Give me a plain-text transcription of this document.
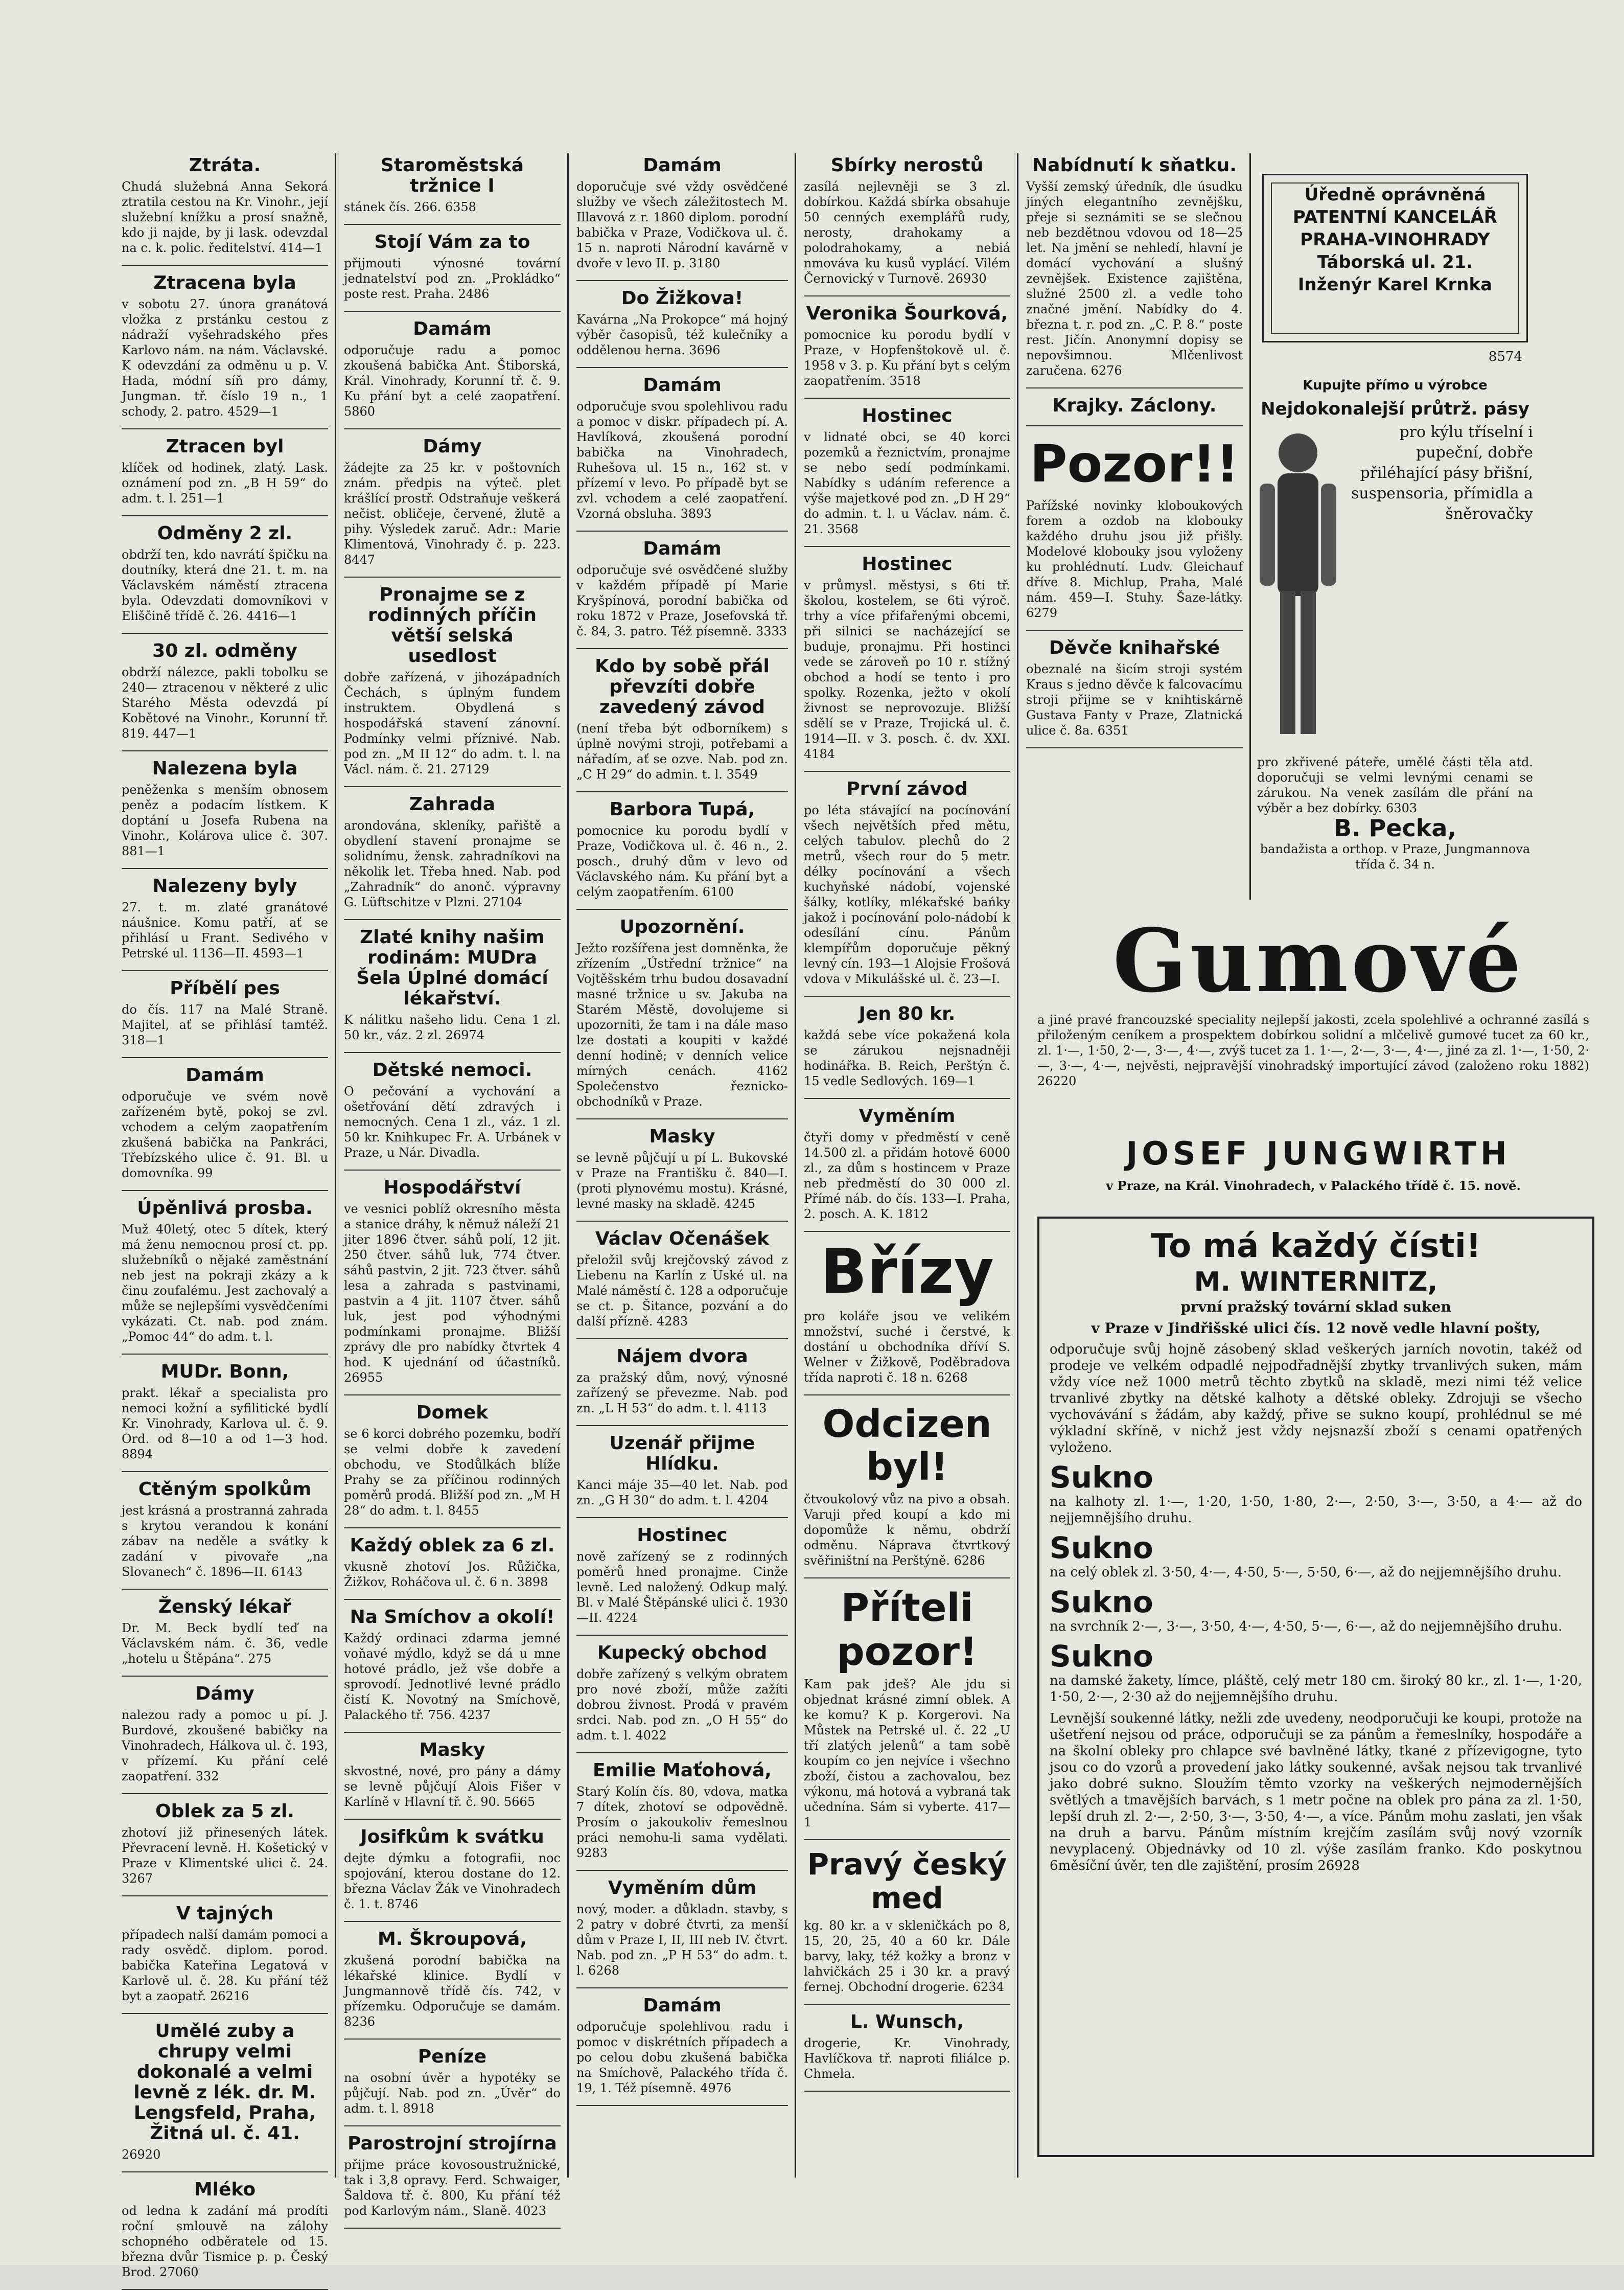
Ztráta.
Chudá služebná Anna Sekorá ztratila cestou na Kr. Vinohr., její služební knížku a prosí snažně, kdo ji najde, by ji lask. odevzdal na c. k. polic. ředitelství. 414—1
Ztracena byla
v sobotu 27. února granátová vložka z prstánku cestou z nádraží vyšehradského přes Karlovo nám. na nám. Václavské. K odevzdání za odměnu u p. V. Hada, módní síň pro dámy, Jungman. tř. číslo 19 n., 1 schody, 2. patro. 4529—1
Ztracen byl
klíček od hodinek, zlatý. Lask. oznámení pod zn. „B H 59“ do adm. t. l. 251—1
Odměny 2 zl.
obdrží ten, kdo navrátí špičku na doutníky, která dne 21. t. m. na Václavském náměstí ztracena byla. Odevzdati domovníkovi v Eliščině třídě č. 26. 4416—1
30 zl. odměny
obdrží nálezce, pakli tobolku se 240— ztracenou v některé z ulic Starého Města odevzdá pí Kobětové na Vinohr., Korunní tř. 819. 447—1
Nalezena byla
peněženka s menším obnosem peněz a podacím lístkem. K doptání u Josefa Rubena na Vinohr., Kolárova ulice č. 307. 881—1
Nalezeny byly
27. t. m. zlaté granátové náušnice. Komu patří, ať se přihlásí u Frant. Sedivého v Petrské ul. 1136—II. 4593—1
Příbělí pes
do čís. 117 na Malé Straně. Majitel, ať se přihlásí tamtéž. 318—1
Damám
odporučuje ve svém nově zařízeném bytě, pokoj se zvl. vchodem a celým zaopatřením zkušená babička na Pankráci, Třebízského ulice č. 91. Bl. u domovníka. 99
Úpěnlivá prosba.
Muž 40letý, otec 5 dítek, který má ženu nemocnou prosí ct. pp. služebníků o nějaké zaměstnání neb jest na pokraji zkázy a k činu zoufalému. Jest zachovalý a může se nejlepšími vysvědčeními vykázati. Ct. nab. pod znám. „Pomoc 44“ do adm. t. l.
MUDr. Bonn,
prakt. lékař a specialista pro nemoci kožní a syfilitické bydlí Kr. Vinohrady, Karlova ul. č. 9. Ord. od 8—10 a od 1—3 hod. 8894
Ctěným spolkům
jest krásná a prostranná zahrada s krytou verandou k konání zábav na neděle a svátky k zadání v pivovaře „na Slovanech“ č. 1896—II. 6143
Ženský lékař
Dr. M. Beck bydlí teď na Václavském nám. č. 36, vedle „hotelu u Štěpána“. 275
Dámy
nalezou rady a pomoc u pí. J. Burdové, zkoušené babičky na Vinohradech, Hálkova ul. č. 193, v přízemí. Ku přání celé zaopatření. 332
Oblek za 5 zl.
zhotoví již přinesených látek. Převracení levně. H. Košetický v Praze v Klimentské ulici č. 24. 3267
V tajných
případech nalší damám pomoci a rady osvědč. diplom. porod. babička Kateřina Legatová v Karlově ul. č. 28. Ku přání též byt a zaopatř. 26216
Umělé zuby a chrupy velmi dokonalé a velmi levně z lék. dr. M. Lengsfeld, Praha, Žitná ul. č. 41.
26920
Mléko
od ledna k zadání má prodíti roční smlouvě na zálohy schopného odběratele od 15. března dvůr Tismice p. p. Český Brod. 27060
Staroměstská tržnice I
stánek čís. 266. 6358
Stojí Vám za to
přijmouti výnosné tovární jednatelství pod zn. „Prokládko“ poste rest. Praha. 2486
Damám
odporučuje radu a pomoc zkoušená babička Ant. Štiborská, Král. Vinohrady, Korunní tř. č. 9. Ku přání byt a celé zaopatření. 5860
Dámy
žádejte za 25 kr. v poštovních znám. předpis na výteč. plet krášlící prostř. Odstraňuje veškerá nečist. obličeje, červené, žlutě a pihy. Výsledek zaruč. Adr.: Marie Klimentová, Vinohrady č. p. 223. 8447
Pronajme se z rodinných příčin větší selská usedlost
dobře zařízená, v jihozápadních Čechách, s úplným fundem instruktem. Obydlená s hospodářská stavení zánovní. Podmínky velmi příznivé. Nab. pod zn. „M II 12“ do adm. t. l. na Václ. nám. č. 21. 27129
Zahrada
arondována, skleníky, pařiště a obydlení stavení pronajme se solidnímu, žensk. zahradníkovi na několik let. Třeba hned. Nab. pod „Zahradník“ do anonč. výpravny G. Lüftschitze v Plzni. 27104
Zlaté knihy našim rodinám: MUDra Šela Úplné domácí lékařství.
K nálitku našeho lidu. Cena 1 zl. 50 kr., váz. 2 zl. 26974
Dětské nemoci.
O pečování a vychování a ošetřování dětí zdravých i nemocných. Cena 1 zl., váz. 1 zl. 50 kr. Knihkupec Fr. A. Urbánek v Praze, u Nár. Divadla.
Hospodářství
ve vesnici poblíž okresního města a stanice dráhy, k němuž náleží 21 jiter 1896 čtver. sáhů polí, 12 jit. 250 čtver. sáhů luk, 774 čtver. sáhů pastvin, 2 jit. 723 čtver. sáhů lesa a zahrada s pastvinami, pastvin a 4 jit. 1107 čtver. sáhů luk, jest pod výhodnými podmínkami pronajme. Bližší zprávy dle pro nabídky čtvrtek 4 hod. K ujednání od účastníků. 26955
Domek
se 6 korci dobrého pozemku, bodří se velmi dobře k zavedení obchodu, ve Stodůlkách blíže Prahy se za příčinou rodinných poměrů prodá. Bližší pod zn. „M H 28“ do adm. t. l. 8455
Každý oblek za 6 zl.
vkusně zhotoví Jos. Růžička, Žižkov, Roháčova ul. č. 6 n. 3898
Na Smíchov a okolí!
Každý ordinaci zdarma jemné voňavé mýdlo, když se dá u mne hotové prádlo, jež vše dobře a sprovodí. Jednotlivé levné prádlo čistí K. Novotný na Smíchově, Palackého tř. 756. 4237
Masky
skvostné, nové, pro pány a dámy se levně půjčují Alois Fišer v Karlíně v Hlavní tř. č. 90. 5665
Josifkům k svátku
dejte dýmku a fotografii, noc spojování, kterou dostane do 12. března Václav Žák ve Vinohradech č. 1. t. 8746
M. Škroupová,
zkušená porodní babička na lékařské klinice. Bydlí v Jungmannově třídě čís. 742, v přízemku. Odporučuje se damám. 8236
Peníze
na osobní úvěr a hypotéky se půjčují. Nab. pod zn. „Úvěr“ do adm. t. l. 8918
Parostrojní strojírna
přijme práce kovosoustružnické, tak i 3,8 opravy. Ferd. Schwaiger, Šaldova tř. č. 800, Ku přání též pod Karlovým nám., Slaně. 4023
Damám
doporučuje své vždy osvědčené služby ve všech záležitostech M. Illavová z r. 1860 diplom. porodní babička v Praze, Vodičkova ul. č. 15 n. naproti Národní kavárně v dvoře v levo II. p. 3180
Do Žižkova!
Kavárna „Na Prokopce“ má hojný výběr časopisů, též kulečníky a oddělenou herna. 3696
Damám
odporučuje svou spolehlivou radu a pomoc v diskr. případech pí. A. Havlíková, zkoušená porodní babička na Vinohradech, Ruhešova ul. 15 n., 162 st. v přízemí v levo. Po případě byt se zvl. vchodem a celé zaopatření. Vzorná obsluha. 3893
Damám
odporučuje své osvědčené služby v každém případě pí Marie Kryšpínová, porodní babička od roku 1872 v Praze, Josefovská tř. č. 84, 3. patro. Též písemně. 3333
Kdo by sobě přál převzíti dobře zavedený závod
(není třeba být odborníkem) s úplně novými stroji, potřebami a nářadím, ať se ozve. Nab. pod zn. „C H 29“ do admin. t. l. 3549
Barbora Tupá,
pomocnice ku porodu bydlí v Praze, Vodičkova ul. č. 46 n., 2. posch., druhý dům v levo od Václavského nám. Ku přání byt a celým zaopatřením. 6100
Upozornění.
Ježto rozšířena jest domněnka, že zřízením „Ústřední tržnice“ na Vojtěšském trhu budou dosavadní masné tržnice u sv. Jakuba na Starém Městě, dovolujeme si upozorniti, že tam i na dále maso lze dostati a koupiti v každé denní hodině; v denních velice mírných cenách. 4162 Společenstvo řeznicko-obchodníků v Praze.
Masky
se levně půjčují u pí L. Bukovské v Praze na Františku č. 840—I. (proti plynovému mostu). Krásné, levné masky na skladě. 4245
Václav Očenášek
přeložil svůj krejčovský závod z Liebenu na Karlín z Uské ul. na Malé náměstí č. 128 a odporučuje se ct. p. Šitance, pozvání a do další přízně. 4283
Nájem dvora
za pražský dům, nový, výnosné zařízený se převezme. Nab. pod zn. „L H 53“ do adm. t. l. 4113
Uzenář přijme Hlídku.
Kanci máje 35—40 let. Nab. pod zn. „G H 30“ do adm. t. l. 4204
Hostinec
nově zařízený se z rodinných poměrů hned pronajme. Cinže levně. Led naložený. Odkup malý. Bl. v Malé Štěpánské ulici č. 1930—II. 4224
Kupecký obchod
dobře zařízený s velkým obratem pro nové zboží, může zažíti dobrou živnost. Prodá v pravém srdci. Nab. pod zn. „O H 55“ do adm. t. l. 4022
Emilie Maťohová,
Starý Kolín čís. 80, vdova, matka 7 dítek, zhotoví se odpovědně. Prosím o jakoukoliv řemeslnou práci nemohu-li sama vydělati. 9283
Vyměním dům
nový, moder. a důkladn. stavby, s 2 patry v dobré čtvrti, za menší dům v Praze I, II, III neb IV. čtvrt. Nab. pod zn. „P H 53“ do adm. t. l. 6268
Damám
odporučuje spolehlivou radu i pomoc v diskrétních případech a po celou dobu zkušená babička na Smíchově, Palackého třída č. 19, 1. Též písemně. 4976
Sbírky nerostů
zasílá nejlevněji se 3 zl. dobírkou. Každá sbírka obsahuje 50 cenných exemplářů rudy, nerosty, drahokamy a polodrahokamy, a nebiá nmováva ku kusů vyplácí. Vilém Černovický v Turnově. 26930
Veronika Šourková,
pomocnice ku porodu bydlí v Praze, v Hopfenštokově ul. č. 1958 v 3. p. Ku přání byt s celým zaopatřením. 3518
Hostinec
v lidnaté obci, se 40 korci pozemků a řeznictvím, pronajme se nebo sedí podmínkami. Nabídky s udáním reference a výše majetkové pod zn. „D H 29“ do admin. t. l. u Václav. nám. č. 21. 3568
Hostinec
v průmysl. městysi, s 6ti tř. školou, kostelem, se 6ti výroč. trhy a více přifařenými obcemi, při silnici se nacházející se buduje, pronajmu. Při hostinci vede se zároveň po 10 r. stížný obchod a hodí se tento i pro spolky. Rozenka, ježto v okolí živnost se neprovozuje. Bližší sdělí se v Praze, Trojická ul. č. 1914—II. v 3. posch. č. dv. XXI. 4184
První závod
po léta stávající na pocínování všech největších před mětu, celých tabulov. plechů do 2 metrů, všech rour do 5 metr. délky pocínování a všech kuchyňské nádobí, vojenské šálky, kotlíky, mlékařské bańky jakož i pocínování polo-nádobí k odesílání cínu. Pánům klempířům doporučuje pěkný levný cín. 193—1 Alojsie Frošová vdova v Mikulášské ul. č. 23—I.
Jen 80 kr.
každá sebe více pokažená kola se zárukou nejsnadněji hodinářka. B. Reich, Perštýn č. 15 vedle Sedlových. 169—1
Vyměním
čtyři domy v předměstí v ceně 14.500 zl. a přidám hotově 6000 zl., za dům s hostincem v Praze neb předměstí do 30 000 zl. Přímé náb. do čís. 133—I. Praha, 2. posch. A. K. 1812
Břízy
pro koláře jsou ve velikém množství, suché i čerstvé, k dostání u obchodníka dříví S. Welner v Žižkově, Poděbradova třída naproti č. 18 n. 6268
Odcizen byl!
čtvoukolový vůz na pivo a obsah. Varuji před koupí a kdo mi dopomůže k němu, obdrží odměnu. Náprava čtvrtkový svěřiništní na Perštýně. 6286
Příteli pozor!
Kam pak jdeš? Ale jdu si objednat krásné zimní oblek. A ke komu? K p. Korgerovi. Na Můstek na Petrské ul. č. 22 „U tří zlatých jelenů“ a tam sobě koupím co jen nejvíce i všechno zboží, čistou a zachovalou, bez výkonu, má hotová a vybraná tak učednína. Sám si vyberte. 417—1
Pravý český med
kg. 80 kr. a v skleničkách po 8, 15, 20, 25, 40 a 60 kr. Dále barvy, laky, též kožky a bronz v lahvičkách 25 i 30 kr. a pravý fernej. Obchodní drogerie. 6234
L. Wunsch,
drogerie, Kr. Vinohrady, Havlíčkova tř. naproti filiálce p. Chmela.
Nabídnutí k sňatku.
Vyšší zemský úředník, dle úsudku jiných elegantního zevnějšku, přeje si seznámiti se se slečnou neb bezdětnou vdovou od 18—25 let. Na jmění se nehledí, hlavní je domácí vychování a slušný zevnějšek. Existence zajištěna, služné 2500 zl. a vedle toho značné jmění. Nabídky do 4. března t. r. pod zn. „C. P. 8.“ poste rest. Jičín. Anonymní dopisy se nepovšimnou. Mlčenlivost zaručena. 6276
Krajky. Záclony.
Pozor!!
Pařížské novinky kloboukových forem a ozdob na klobouky každého druhu jsou již přišly. Modelové klobouky jsou vyloženy ku prohlédnutí. Ludv. Gleichauf dříve 8. Michlup, Praha, Malé nám. 459—I. Stuhy. Šaze-látky. 6279
Děvče knihařské
obeznalé na šicím stroji systém Kraus s jedno děvče k falcovacímu stroji přijme se v knihtiskárně Gustava Fanty v Praze, Zlatnická ulice č. 8a. 6351
Úředně oprávněná
PATENTNÍ KANCELÁŘ
PRAHA-VINOHRADY
Táborská ul. 21.
Inženýr Karel Krnka
8574
Kupujte přímo u výrobce
Nejdokonalejší průtrž. pásy
pro kýlu tříselní i pupeční, dobře přiléhající pásy břišní, suspensoria, přímidla a šněrovačky
pro zkřivené páteře, umělé části těla atd. doporučuji se velmi levnými cenami se zárukou. Na venek zasílám dle přání na výběr a bez dobírky. 6303
B. Pecka,
bandažista a orthop. v Praze, Jungmannova třída č. 34 n.
Gumové
a jiné pravé francouzské speciality nejlepší jakosti, zcela spolehlivé a ochranné zasílá s přiloženým ceníkem a prospektem dobírkou solidní a mlčelivě gumové tucet za 60 kr., zl. 1·—, 1·50, 2·—, 3·—, 4·—, zvýš tucet za 1. 1·—, 2·—, 3·—, 4·—, jiné za zl. 1·—, 1·50, 2·—, 3·—, 4·—, nejvěsti, nejpravější vinohradský importující závod (založeno roku 1882) 26220
JOSEF JUNGWIRTH
v Praze, na Král. Vinohradech, v Palackého třídě č. 15. nově.
To má každý čísti!
M. WINTERNITZ,
první pražský tovární sklad suken
v Praze v Jindřišské ulici čís. 12 nově vedle hlavní pošty,
odporučuje svůj hojně zásobený sklad veškerých jarních novotin, takéž od prodeje ve velkém odpadlé nejpodřadnější zbytky trvanlivých suken, mám vždy více než 1000 metrů těchto zbytků na skladě, mezi nimi též velice trvanlivé zbytky na dětské kalhoty a dětské obleky. Zdrojuji se všecho vychovávání s žádám, aby každý, přive se sukno koupí, prohlédnul se mé výkladní skříně, v nichž jest vždy nejsnazší zboží s cenami opatřených vyloženo.
Sukno
na kalhoty zl. 1·—, 1·20, 1·50, 1·80, 2·—, 2·50, 3·—, 3·50, a 4·— až do nejjemnějšího druhu.
Sukno
na celý oblek zl. 3·50, 4·—, 4·50, 5·—, 5·50, 6·—, až do nejjemnějšího druhu.
Sukno
na svrchník 2·—, 3·—, 3·50, 4·—, 4·50, 5·—, 6·—, až do nejjemnějšího druhu.
Sukno
na damské žakety, límce, pláště, celý metr 180 cm. široký 80 kr., zl. 1·—, 1·20, 1·50, 2·—, 2·30 až do nejjemnějšího druhu.
Levnější soukenné látky, nežli zde uvedeny, neodporučuji ke koupi, protože na ušetření nejsou od práce, odporučuji se za pánům a řemeslníky, hospodáře a na školní obleky pro chlapce své bavlněné látky, tkané z přízevigogne, tyto jsou co do vzorů a provedení jako látky soukenné, avšak nejsou tak trvanlivé jako dobré sukno. Sloužím těmto vzorky na veškerých nejmodernějších světlých a tmavějších barvách, s 1 metr počne na oblek pro pána za zl. 1·50, lepší druh zl. 2·—, 2·50, 3·—, 3·50, 4·—, a více. Pánům mohu zaslati, jen však na druh a barvu. Pánům místním krejčím zasílám svůj nový vzorník nevyplacený. Objednávky od 10 zl. výše zasílám franko. Kdo poskytnou 6měsíční úvěr, ten dle zajištění, prosím 26928
